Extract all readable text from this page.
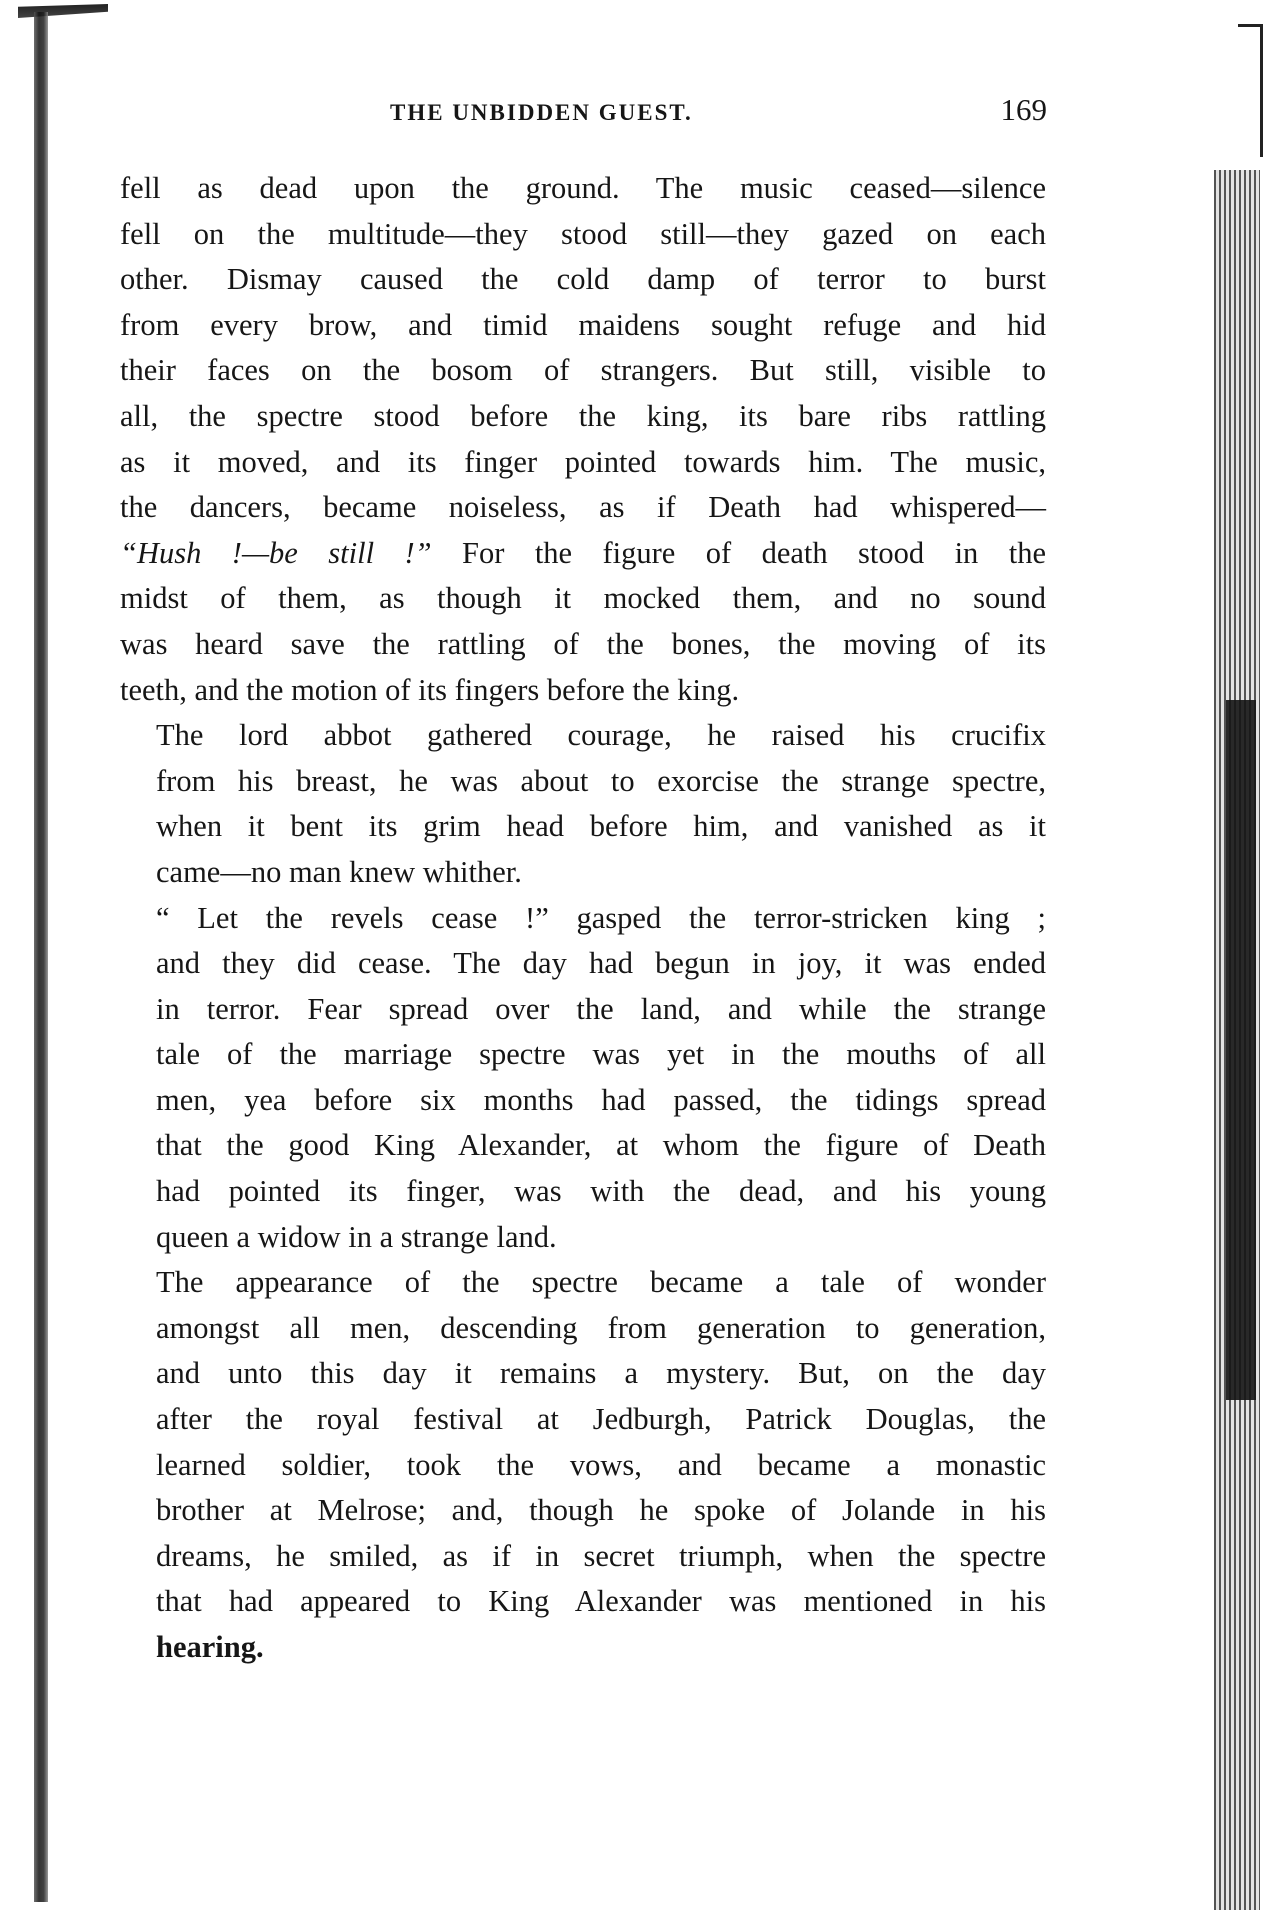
THE UNBIDDEN GUEST.	169

fell as dead upon the ground. The music ceased—silence
fell on the multitude—they stood still—they gazed on each
other. Dismay caused the cold damp of terror to burst
from every brow, and timid maidens sought refuge and hid
their faces on the bosom of strangers. But still, visible to
all, the spectre stood before the king, its bare ribs rattling
as it moved, and its finger pointed towards him. The music,
the dancers, became noiseless, as if Death had whispered—
“Hush !—be still !” For the figure of death stood in the
midst of them, as though it mocked them, and no sound
was heard save the rattling of the bones, the moving of its
teeth, and the motion of its fingers before the king.

The lord abbot gathered courage, he raised his crucifix
from his breast, he was about to exorcise the strange spectre,
when it bent its grim head before him, and vanished as it
came—no man knew whither.

“ Let the revels cease !” gasped the terror-stricken king ;
and they did cease. The day had begun in joy, it was ended
in terror. Fear spread over the land, and while the strange
tale of the marriage spectre was yet in the mouths of all
men, yea before six months had passed, the tidings spread
that the good King Alexander, at whom the figure of Death
had pointed its finger, was with the dead, and his young
queen a widow in a strange land.

The appearance of the spectre became a tale of wonder
amongst all men, descending from generation to generation,
and unto this day it remains a mystery. But, on the day
after the royal festival at Jedburgh, Patrick Douglas, the
learned soldier, took the vows, and became a monastic
brother at Melrose; and, though he spoke of Jolande in his
dreams, he smiled, as if in secret triumph, when the spectre
that had appeared to King Alexander was mentioned in his
hearing.
